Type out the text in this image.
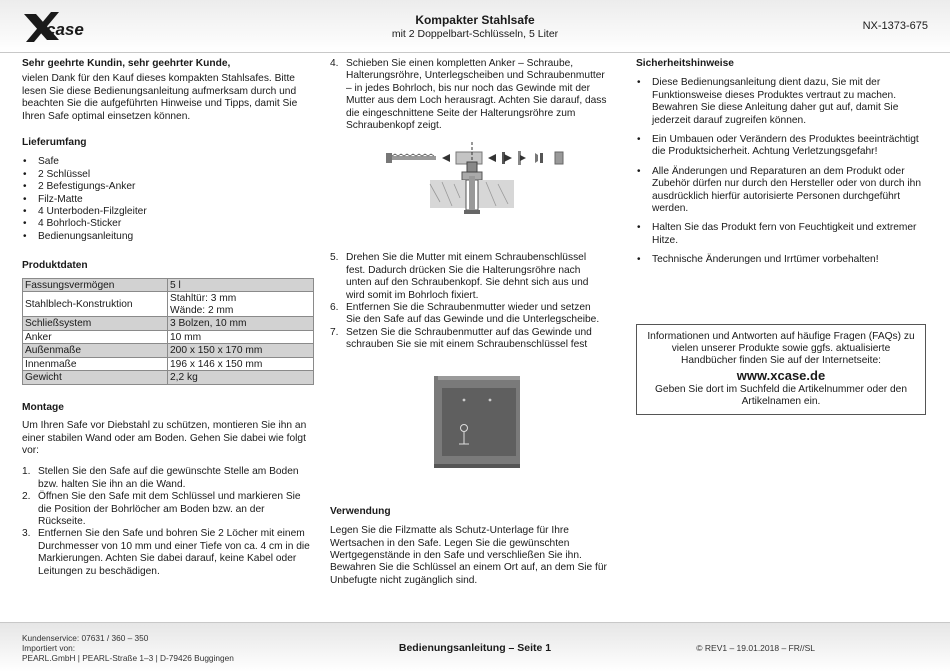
case	Kompakter Stahlsafe
mit 2 Doppelbart-Schlüsseln, 5 Liter
NX-1373-675

Sehr geehrte Kundin, sehr geehrter Kunde,

vielen Dank für den Kauf dieses kompakten Stahlsafes. Bitte lesen Sie diese Bedienungsanleitung aufmerksam durch und beachten Sie die aufgeführten Hinweise und Tipps, damit Sie Ihren Safe optimal einsetzen können.

Lieferumfang

• Safe
• 2 Schlüssel
• 2 Befestigungs-Anker
• Filz-Matte
• 4 Unterboden-Filzgleiter
• 4 Bohrloch-Sticker
• Bedienungsanleitung

Produktdaten

Fassungsvermögen	5 l
Stahlblech-Konstruktion	Stahltür: 3 mm
Wände: 2 mm

Schließsystem	3 Bolzen, 10 mm
Anker	10 mm
Außenmaße	200 x 150 x 170 mm
Innenmaße	196 x 146 x 150 mm
Gewicht	2,2 kg

Montage

Um Ihren Safe vor Diebstahl zu schützen, montieren Sie ihn an einer stabilen Wand oder am Boden. Gehen Sie dabei wie folgt vor:

1. Stellen Sie den Safe auf die gewünschte Stelle am Boden bzw. halten Sie ihn an die Wand.
2. Öffnen Sie den Safe mit dem Schlüssel und markieren Sie die Position der Bohrlöcher am Boden bzw. an der Rückseite.
3. Entfernen Sie den Safe und bohren Sie 2 Löcher mit einem Durchmesser von 10 mm und einer Tiefe von ca. 4 cm in die Markierungen. Achten Sie dabei darauf, keine Kabel oder Leitungen zu beschädigen.
4. Schieben Sie einen kompletten Anker – Schraube, Halterungsröhre, Unterlegscheiben und Schraubenmutter – in jedes Bohrloch, bis nur noch das Gewinde mit der Mutter aus dem Loch herausragt. Achten Sie darauf, dass die eingeschnittene Seite der Halterungsröhre zum Schraubenkopf zeigt.
5. Drehen Sie die Mutter mit einem Schraubenschlüssel fest. Dadurch drücken Sie die Halterungsröhre nach unten auf den Schraubenkopf. Sie dehnt sich aus und wird somit im Bohrloch fixiert.
6. Entfernen Sie die Schraubenmutter wieder und setzen Sie den Safe auf das Gewinde und die Unterlegscheibe.
7. Setzen Sie die Schraubenmutter auf das Gewinde und schrauben Sie sie mit einem Schraubenschlüssel fest

Verwendung

Legen Sie die Filzmatte als Schutz-Unterlage für Ihre Wertsachen in den Safe. Legen Sie die gewünschten Wertgegenstände in den Safe und verschließen Sie ihn. Bewahren Sie die Schlüssel an einem Ort auf, an dem Sie für Unbefugte nicht zugänglich sind.

Sicherheitshinweise

• Diese Bedienungsanleitung dient dazu, Sie mit der Funktionsweise dieses Produktes vertraut zu machen. Bewahren Sie diese Anleitung daher gut auf, damit Sie jederzeit darauf zugreifen können.
• Ein Umbauen oder Verändern des Produktes beeinträchtigt die Produktsicherheit. Achtung Verletzungsgefahr!
• Alle Änderungen und Reparaturen an dem Produkt oder Zubehör dürfen nur durch den Hersteller oder von durch ihn ausdrücklich hierfür autorisierte Personen durchgeführt werden.
• Halten Sie das Produkt fern von Feuchtigkeit und extremer Hitze.
• Technische Änderungen und Irrtümer vorbehalten!

Informationen und Antworten auf häufige Fragen (FAQs) zu vielen unserer Produkte sowie ggfs. aktualisierte Handbücher finden Sie auf der Internetseite:

www.xcase.de

Geben Sie dort im Suchfeld die Artikelnummer oder den Artikelnamen ein.

Kundenservice: 07631 / 360 – 350
Importiert von:
PEARL.GmbH | PEARL-Straße 1–3 | D-79426 Buggingen
Bedienungsanleitung – Seite 1	© REV1 – 19.01.2018 – FR//SL
